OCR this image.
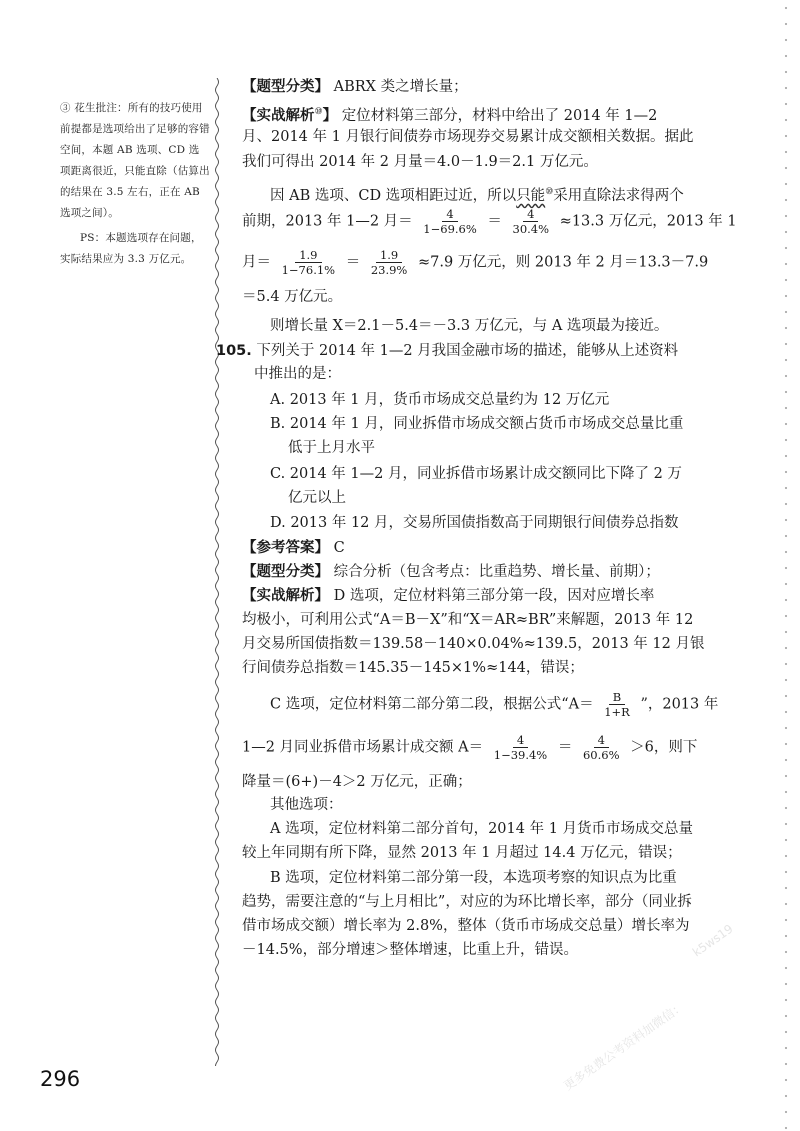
③ 花生批注：所有的技巧使用前提都是选项给出了足够的容错空间，本题 AB 选项、CD 选项距离很近，只能直除（估算出的结果在 3.5 左右，正在 AB 选项之间）。

PS：本题选项存在问题，实际结果应为 3.3 万亿元。

【题型分类】 ABRX 类之增长量；
【实战解析⑩】 定位材料第三部分，材料中给出了 2014 年 1—2
月、2014 年 1 月银行间债券市场现券交易累计成交额相关数据。据此
我们可得出 2014 年 2 月量＝4.0－1.9＝2.1 万亿元。
因 AB 选项、CD 选项相距过近，所以只能⑩采用直除法求得两个
前期，2013 年 1—2 月＝ $\frac{4}{1-69.6\%} = \frac{4}{30.4\%} \approx 13.3$ 万亿元，2013 年 1
月＝ $\frac{1.9}{1-76.1\%} = \frac{1.9}{23.9\%} \approx 7.9$ 万亿元，则 2013 年 2 月＝13.3－7.9
＝5.4 万亿元。
则增长量 X＝2.1－5.4＝－3.3 万亿元，与 A 选项最为接近。
105. 下列关于 2014 年 1—2 月我国金融市场的描述，能够从上述资料
中推出的是：
A. 2013 年 1 月，货币市场成交总量约为 12 万亿元
B. 2014 年 1 月，同业拆借市场成交额占货币市场成交总量比重
低于上月水平
C. 2014 年 1—2 月，同业拆借市场累计成交额同比下降了 2 万
亿元以上
D. 2013 年 12 月，交易所国债指数高于同期银行间债券总指数
【参考答案】 C
【题型分类】 综合分析（包含考点：比重趋势、增长量、前期）；
【实战解析】 D 选项，定位材料第三部分第一段，因对应增长率
均极小，可利用公式“A＝B－X”和“X＝AR≈BR”来解题，2013 年 12
月交易所国债指数＝139.58－140×0.04%≈139.5，2013 年 12 月银
行间债券总指数＝145.35－145×1%≈144，错误；
C 选项，定位材料第二部分第二段，根据公式“$A= \frac{B}{1+R}$ ”，2013 年
1—2 月同业拆借市场累计成交额 $A= \frac{4}{1-39.4\%} = \frac{4}{60.6\%} >6$，则下
降量＝(6+)－4＞2 万亿元，正确；
其他选项：
A 选项，定位材料第二部分首句，2014 年 1 月货币市场成交总量
较上年同期有所下降，显然 2013 年 1 月超过 14.4 万亿元，错误；
B 选项，定位材料第二部分第一段，本选项考察的知识点为比重
趋势，需要注意的“与上月相比”，对应的为环比增长率，部分（同业拆
借市场成交额）增长率为 2.8%，整体（货币市场成交总量）增长率为
－14.5%，部分增速＞整体增速，比重上升，错误。
296	更多免费公考资料加微信：
k5ws19
